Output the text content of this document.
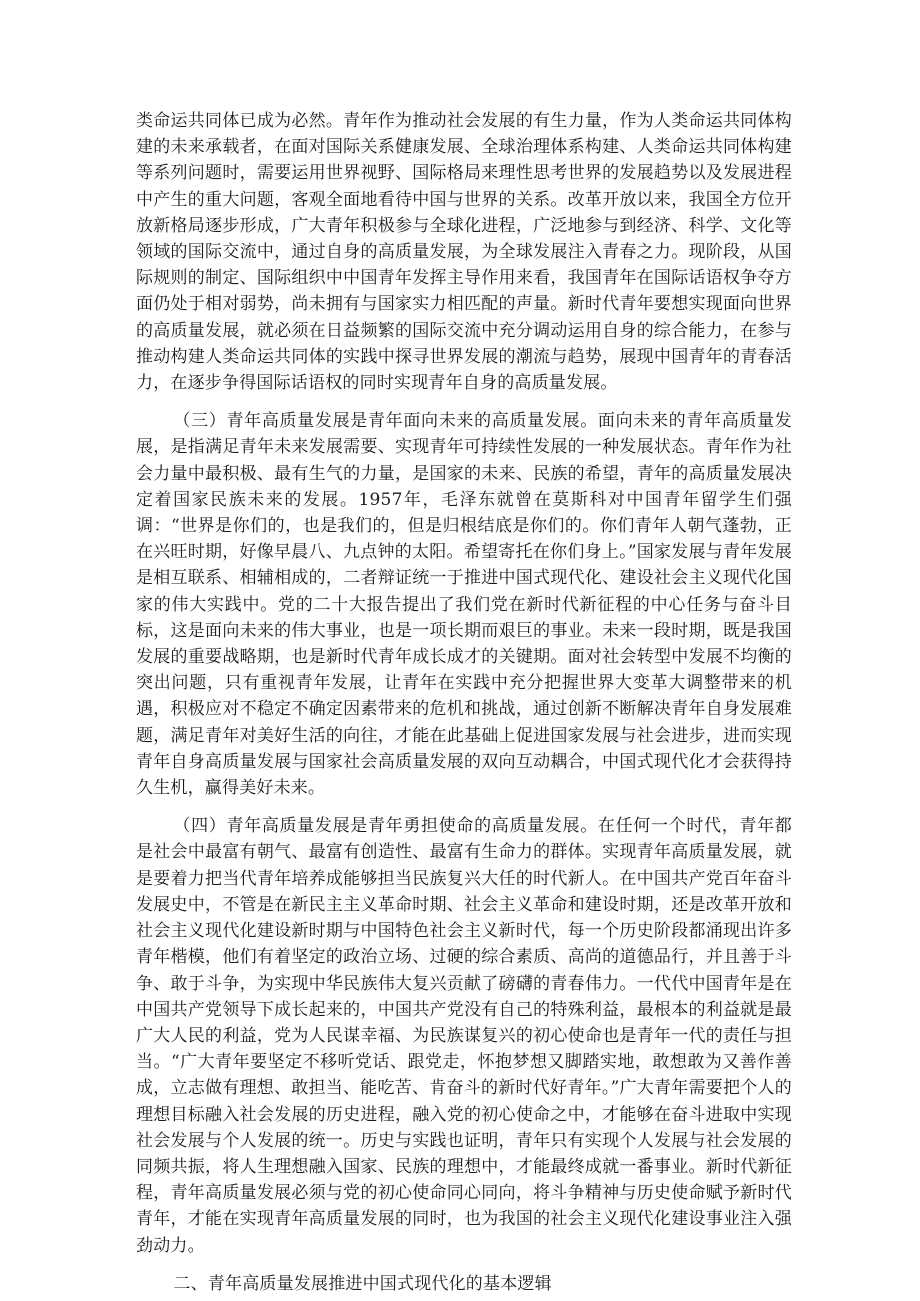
类命运共同体已成为必然。青年作为推动社会发展的有生力量，作为人类命运共同体构建的未来承载者，在面对国际关系健康发展、全球治理体系构建、人类命运共同体构建等系列问题时，需要运用世界视野、国际格局来理性思考世界的发展趋势以及发展进程中产生的重大问题，客观全面地看待中国与世界的关系。改革开放以来，我国全方位开放新格局逐步形成，广大青年积极参与全球化进程，广泛地参与到经济、科学、文化等领域的国际交流中，通过自身的高质量发展，为全球发展注入青春之力。现阶段，从国际规则的制定、国际组织中中国青年发挥主导作用来看，我国青年在国际话语权争夺方面仍处于相对弱势，尚未拥有与国家实力相匹配的声量。新时代青年要想实现面向世界的高质量发展，就必须在日益频繁的国际交流中充分调动运用自身的综合能力，在参与推动构建人类命运共同体的实践中探寻世界发展的潮流与趋势，展现中国青年的青春活力，在逐步争得国际话语权的同时实现青年自身的高质量发展。

（三）青年高质量发展是青年面向未来的高质量发展。面向未来的青年高质量发展，是指满足青年未来发展需要、实现青年可持续性发展的一种发展状态。青年作为社会力量中最积极、最有生气的力量，是国家的未来、民族的希望，青年的高质量发展决定着国家民族未来的发展。1957年，毛泽东就曾在莫斯科对中国青年留学生们强调：“世界是你们的，也是我们的，但是归根结底是你们的。你们青年人朝气蓬勃，正在兴旺时期，好像早晨八、九点钟的太阳。希望寄托在你们身上。”国家发展与青年发展是相互联系、相辅相成的，二者辩证统一于推进中国式现代化、建设社会主义现代化国家的伟大实践中。党的二十大报告提出了我们党在新时代新征程的中心任务与奋斗目标，这是面向未来的伟大事业，也是一项长期而艰巨的事业。未来一段时期，既是我国发展的重要战略期，也是新时代青年成长成才的关键期。面对社会转型中发展不均衡的突出问题，只有重视青年发展，让青年在实践中充分把握世界大变革大调整带来的机遇，积极应对不稳定不确定因素带来的危机和挑战，通过创新不断解决青年自身发展难题，满足青年对美好生活的向往，才能在此基础上促进国家发展与社会进步，进而实现青年自身高质量发展与国家社会高质量发展的双向互动耦合，中国式现代化才会获得持久生机，赢得美好未来。

（四）青年高质量发展是青年勇担使命的高质量发展。在任何一个时代，青年都是社会中最富有朝气、最富有创造性、最富有生命力的群体。实现青年高质量发展，就是要着力把当代青年培养成能够担当民族复兴大任的时代新人。在中国共产党百年奋斗发展史中，不管是在新民主主义革命时期、社会主义革命和建设时期，还是改革开放和社会主义现代化建设新时期与中国特色社会主义新时代，每一个历史阶段都涌现出许多青年楷模，他们有着坚定的政治立场、过硬的综合素质、高尚的道德品行，并且善于斗争、敢于斗争，为实现中华民族伟大复兴贡献了磅礴的青春伟力。一代代中国青年是在中国共产党领导下成长起来的，中国共产党没有自己的特殊利益，最根本的利益就是最广大人民的利益，党为人民谋幸福、为民族谋复兴的初心使命也是青年一代的责任与担当。“广大青年要坚定不移听党话、跟党走，怀抱梦想又脚踏实地，敢想敢为又善作善成，立志做有理想、敢担当、能吃苦、肯奋斗的新时代好青年。”广大青年需要把个人的理想目标融入社会发展的历史进程，融入党的初心使命之中，才能够在奋斗进取中实现社会发展与个人发展的统一。历史与实践也证明，青年只有实现个人发展与社会发展的同频共振，将人生理想融入国家、民族的理想中，才能最终成就一番事业。新时代新征程，青年高质量发展必须与党的初心使命同心同向，将斗争精神与历史使命赋予新时代青年，才能在实现青年高质量发展的同时，也为我国的社会主义现代化建设事业注入强劲动力。

二、青年高质量发展推进中国式现代化的基本逻辑
